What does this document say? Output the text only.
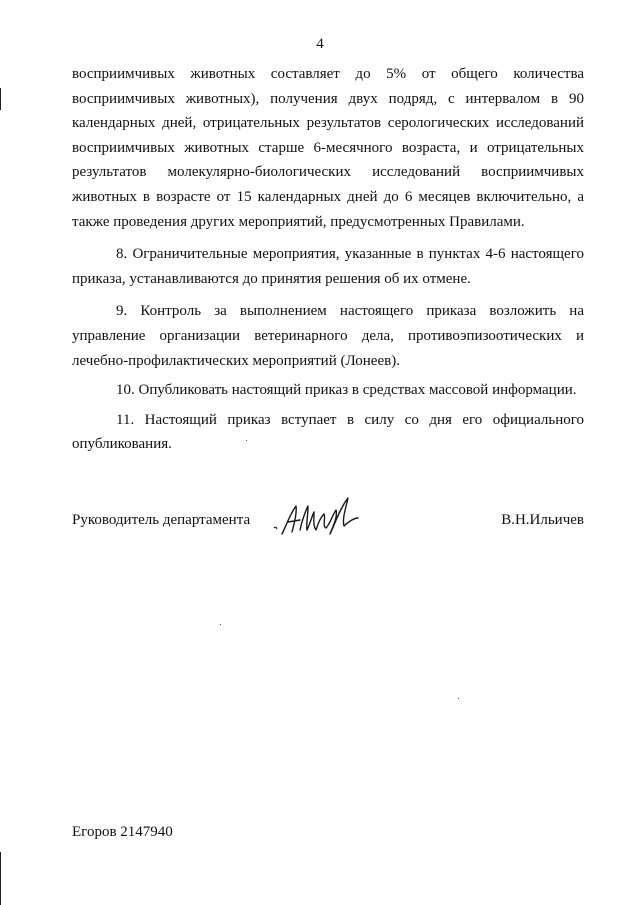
4

восприимчивых животных составляет до 5% от общего количества восприимчивых животных), получения двух подряд, с интервалом в 90 календарных дней, отрицательных результатов серологических исследований восприимчивых животных старше 6-месячного возраста, и отрицательных результатов молекулярно-биологических исследований восприимчивых животных в возрасте от 15 календарных дней до 6 месяцев включительно, а также проведения других мероприятий, предусмотренных Правилами.

8. Ограничительные мероприятия, указанные в пунктах 4-6 настоящего приказа, устанавливаются до принятия решения об их отмене.

9. Контроль за выполнением настоящего приказа возложить на управление организации ветеринарного дела, противоэпизоотических и лечебно-профилактических мероприятий (Лонеев).

10. Опубликовать настоящий приказ в средствах массовой информации.

11. Настоящий приказ вступает в силу со дня его официального опубликования.

Руководитель департамента	В.Н.Ильичев
Егоров 2147940
